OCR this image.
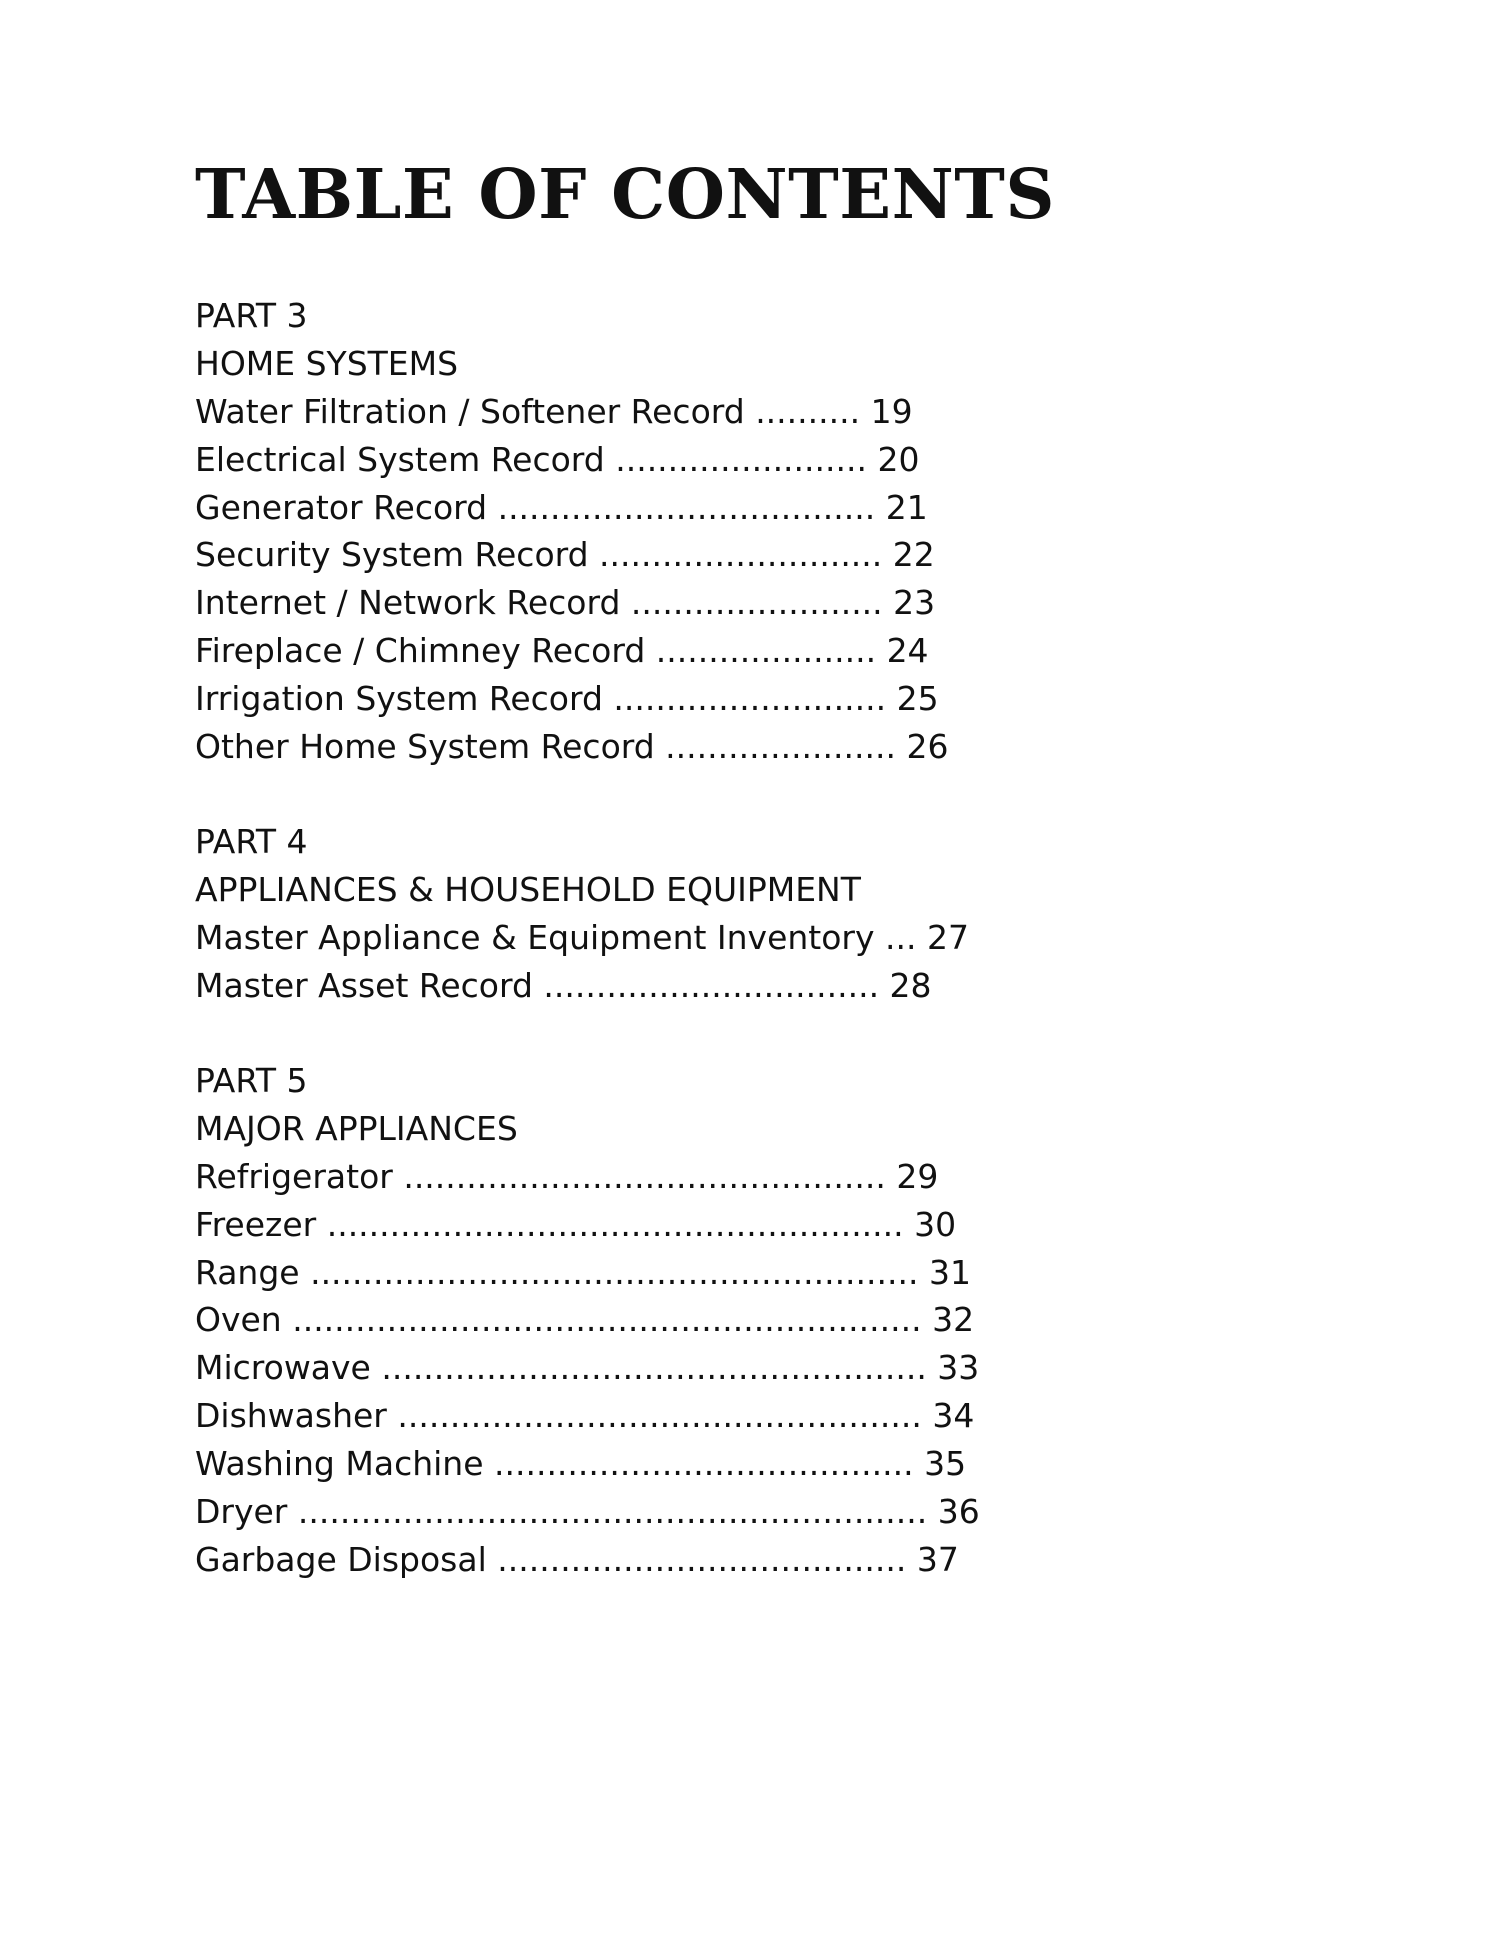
TABLE OF CONTENTS

PART 3

HOME SYSTEMS

Water Filtration / Softener Record .......... 19

Electrical System Record ........................ 20

Generator Record .................................... 21

Security System Record ........................... 22

Internet / Network Record ........................ 23

Fireplace / Chimney Record ..................... 24

Irrigation System Record .......................... 25

Other Home System Record ...................... 26

PART 4

APPLIANCES & HOUSEHOLD EQUIPMENT

Master Appliance & Equipment Inventory ... 27

Master Asset Record ................................ 28

PART 5

MAJOR APPLIANCES

Refrigerator .............................................. 29

Freezer ....................................................... 30

Range .......................................................... 31

Oven ............................................................ 32

Microwave .................................................... 33

Dishwasher .................................................. 34

Washing Machine ........................................ 35

Dryer ............................................................ 36

Garbage Disposal ....................................... 37
